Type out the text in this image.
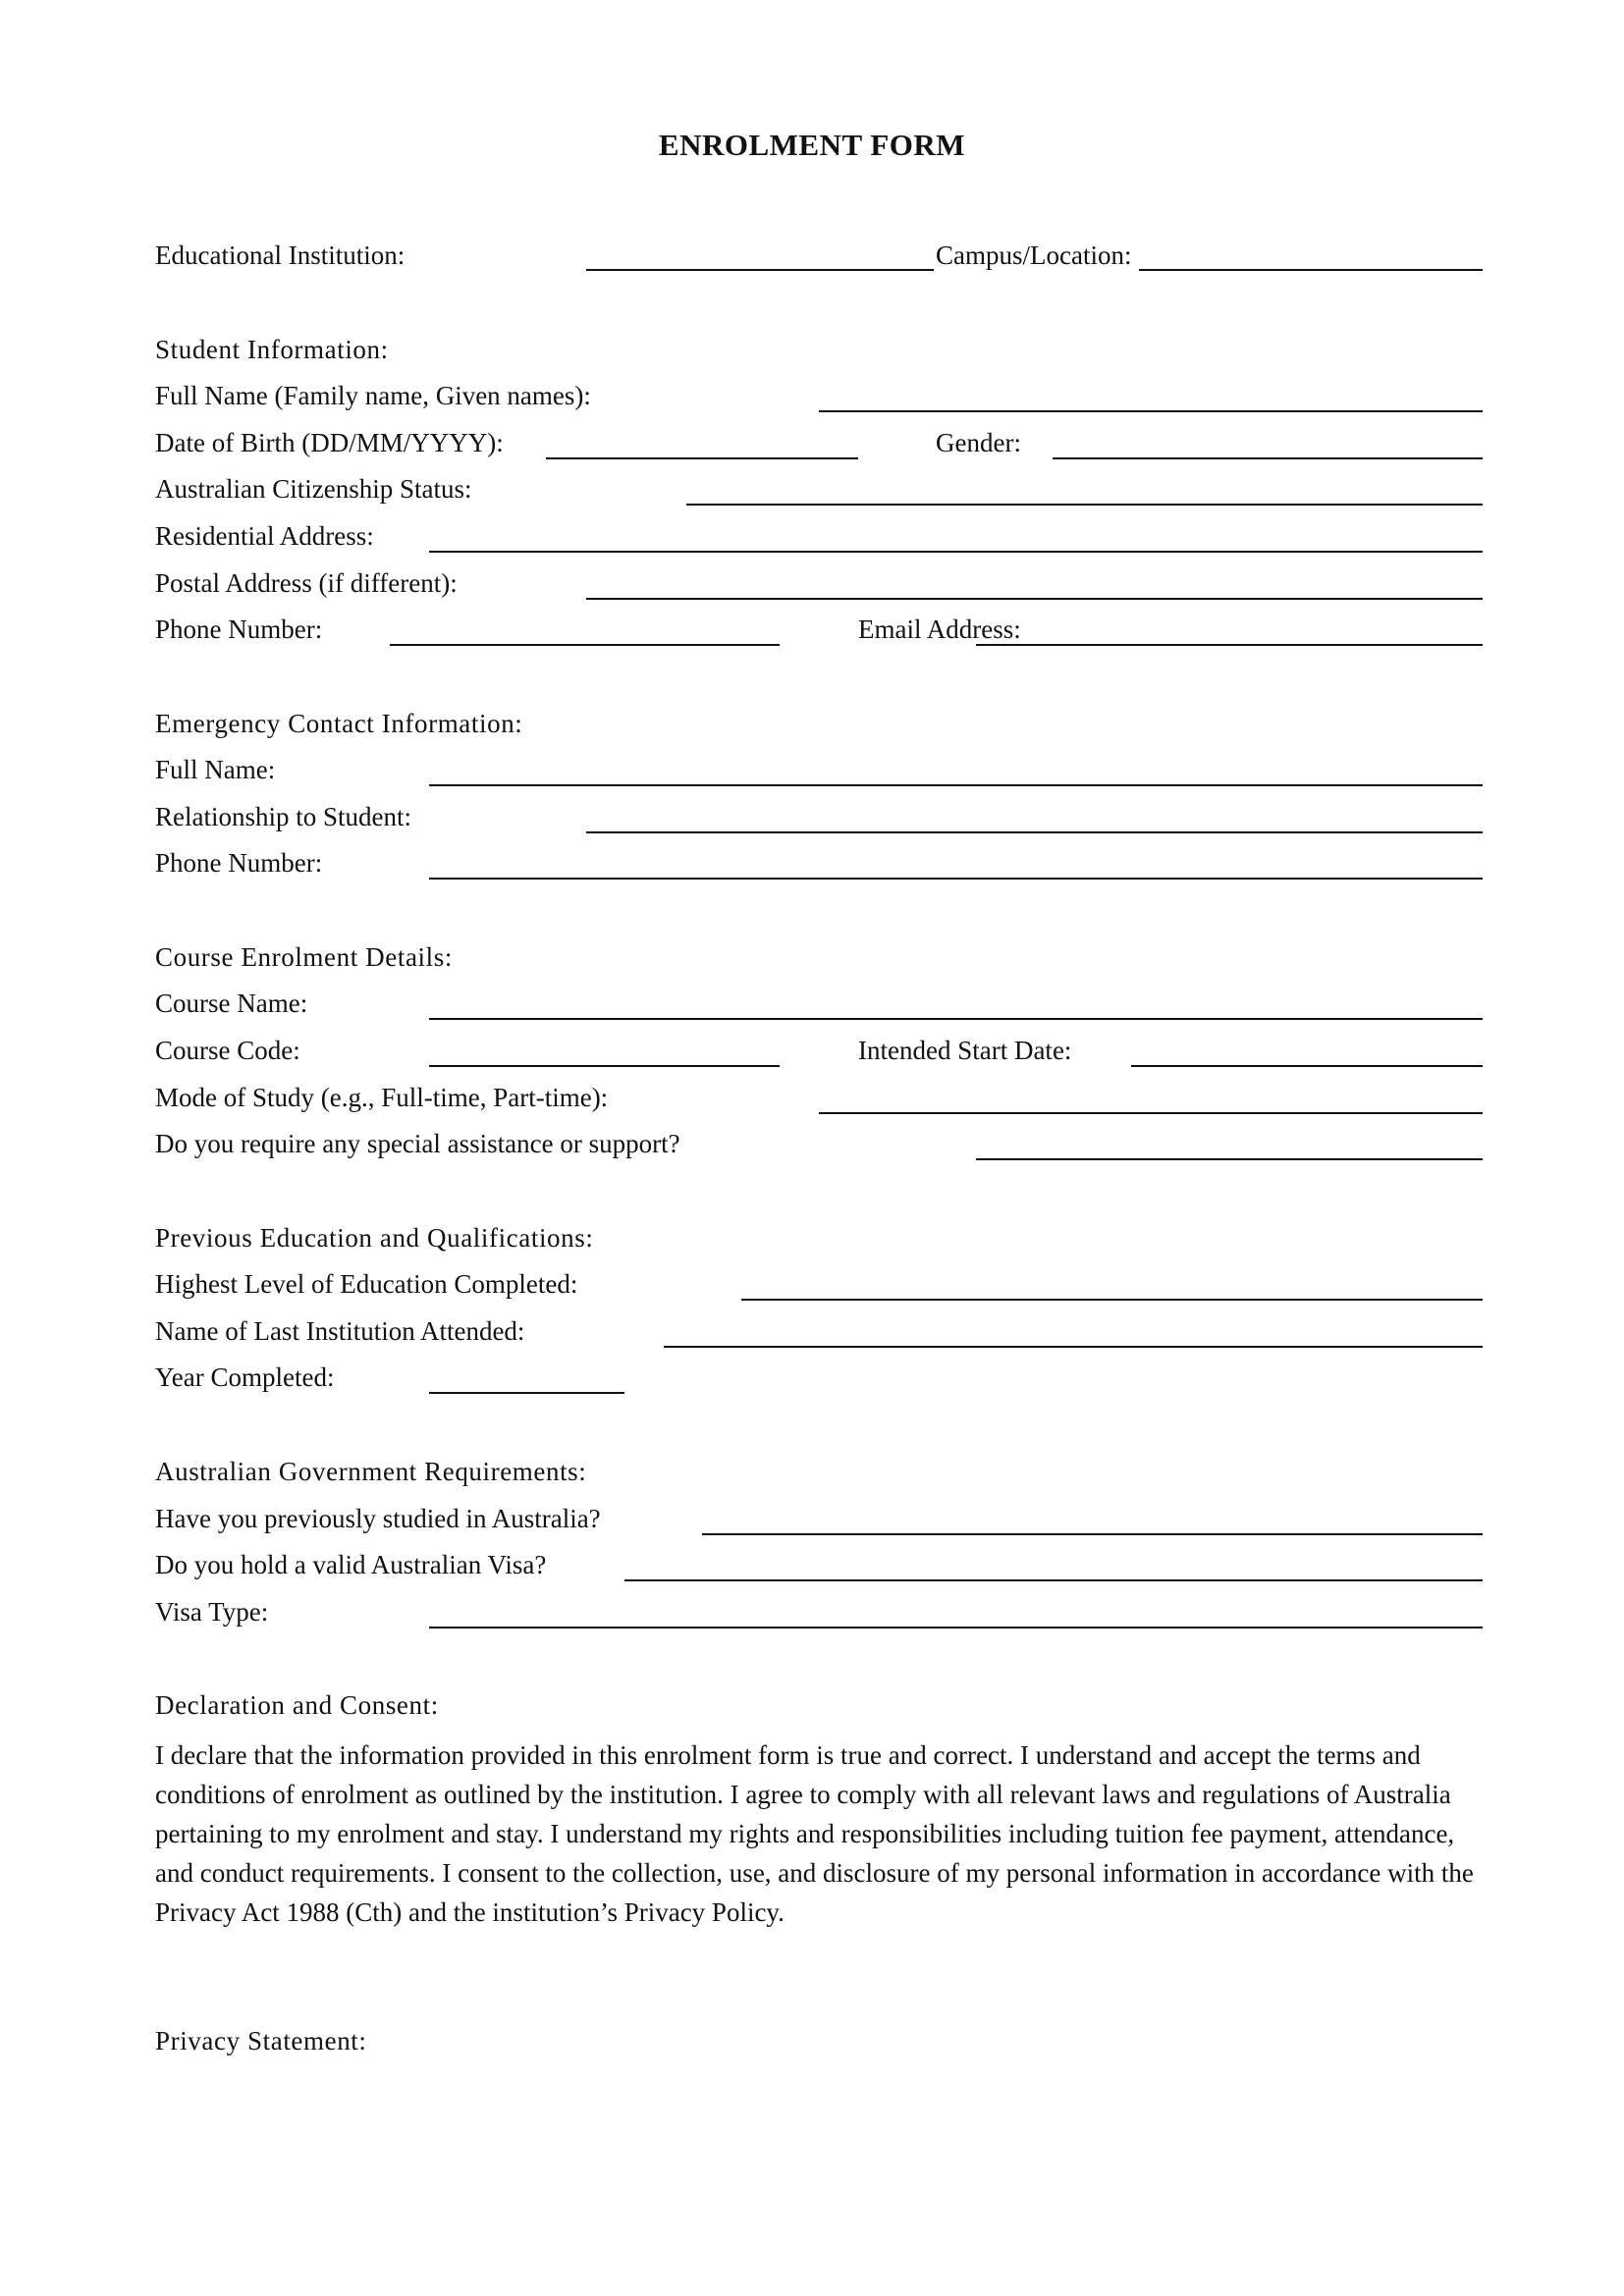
ENROLMENT FORM

Educational Institution:	Campus/Location:

Student Information:

Full Name (Family name, Given names):

Date of Birth (DD/MM/YYYY):	Gender:

Australian Citizenship Status:

Residential Address:

Postal Address (if different):

Phone Number:	Email Address:

Emergency Contact Information:

Full Name:

Relationship to Student:

Phone Number:

Course Enrolment Details:

Course Name:

Course Code:	Intended Start Date:

Mode of Study (e.g., Full-time, Part-time):

Do you require any special assistance or support?

Previous Education and Qualifications:

Highest Level of Education Completed:

Name of Last Institution Attended:

Year Completed:

Australian Government Requirements:

Have you previously studied in Australia?

Do you hold a valid Australian Visa?

Visa Type:

Declaration and Consent:

I declare that the information provided in this enrolment form is true and correct. I understand and accept the terms and conditions of enrolment as outlined by the institution. I agree to comply with all relevant laws and regulations of Australia pertaining to my enrolment and stay. I understand my rights and responsibilities including tuition fee payment, attendance, and conduct requirements. I consent to the collection, use, and disclosure of my personal information in accordance with the Privacy Act 1988 (Cth) and the institution’s Privacy Policy.

Privacy Statement:
